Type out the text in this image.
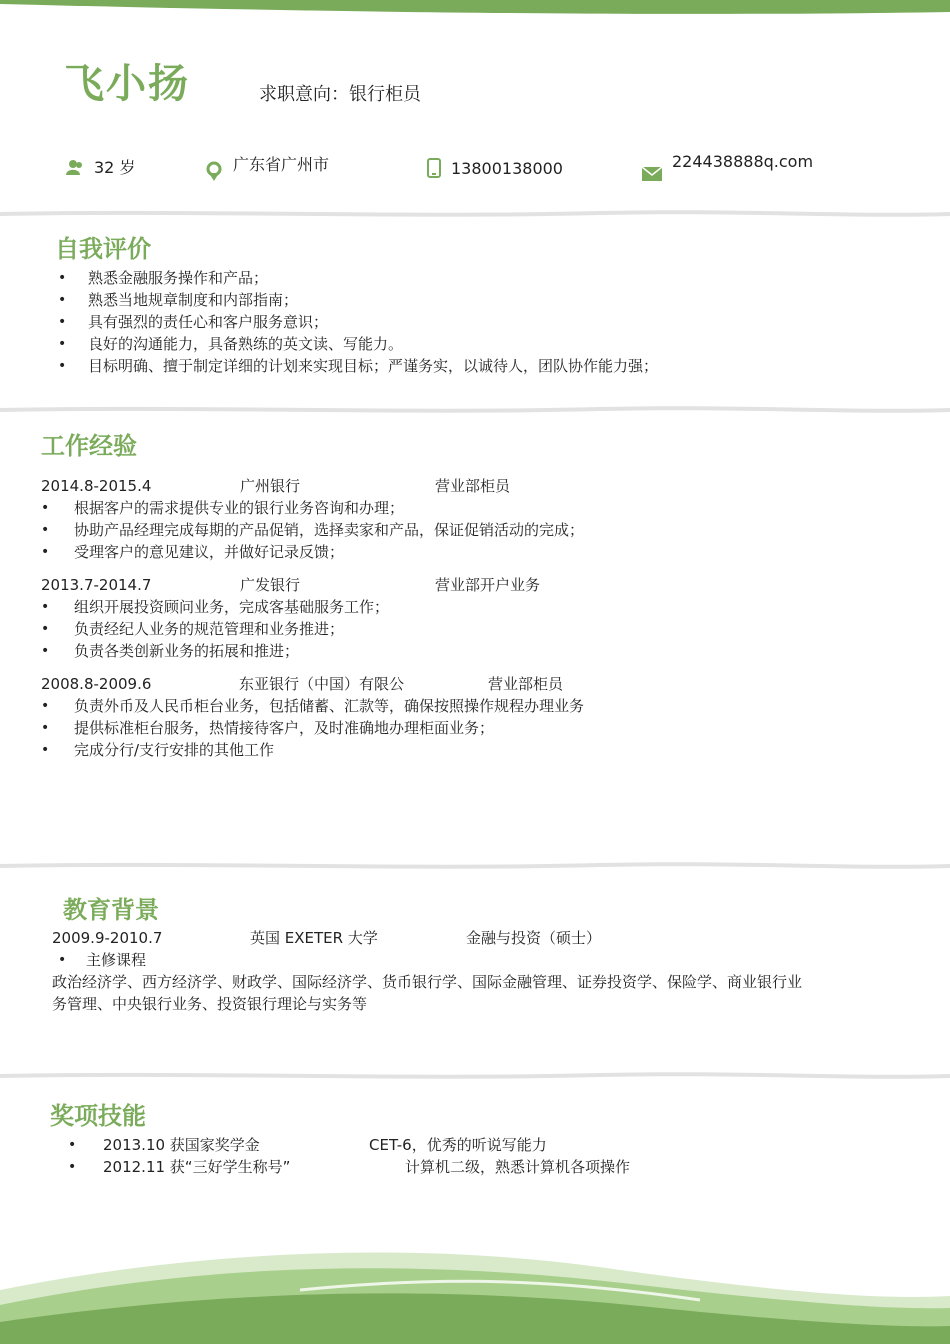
飞小扬	求职意向：银行柜员
32 岁	广东省广州市	13800138000	224438888q.com
自我评价
• 熟悉金融服务操作和产品；
• 熟悉当地规章制度和内部指南；
• 具有强烈的责任心和客户服务意识；
• 良好的沟通能力，具备熟练的英文读、写能力。
• 目标明确、擅于制定详细的计划来实现目标；严谨务实，以诚待人，团队协作能力强；
工作经验
2014.8-2015.4	广州银行	营业部柜员
• 根据客户的需求提供专业的银行业务咨询和办理；
• 协助产品经理完成每期的产品促销，选择卖家和产品，保证促销活动的完成；
• 受理客户的意见建议，并做好记录反馈；
2013.7-2014.7	广发银行	营业部开户业务
• 组织开展投资顾问业务，完成客基础服务工作；
• 负责经纪人业务的规范管理和业务推进；
• 负责各类创新业务的拓展和推进；
2008.8-2009.6	东亚银行（中国）有限公	营业部柜员
• 负责外币及人民币柜台业务，包括储蓄、汇款等，确保按照操作规程办理业务
• 提供标准柜台服务，热情接待客户，及时准确地办理柜面业务；
• 完成分行/支行安排的其他工作
教育背景
2009.9-2010.7	英国 EXETER 大学	金融与投资（硕士）
• 主修课程
政治经济学、西方经济学、财政学、国际经济学、货币银行学、国际金融管理、证券投资学、保险学、商业银行业
务管理、中央银行业务、投资银行理论与实务等
奖项技能
• 2013.10 获国家奖学金	CET-6，优秀的听说写能力
• 2012.11 获“三好学生称号”	计算机二级，熟悉计算机各项操作
